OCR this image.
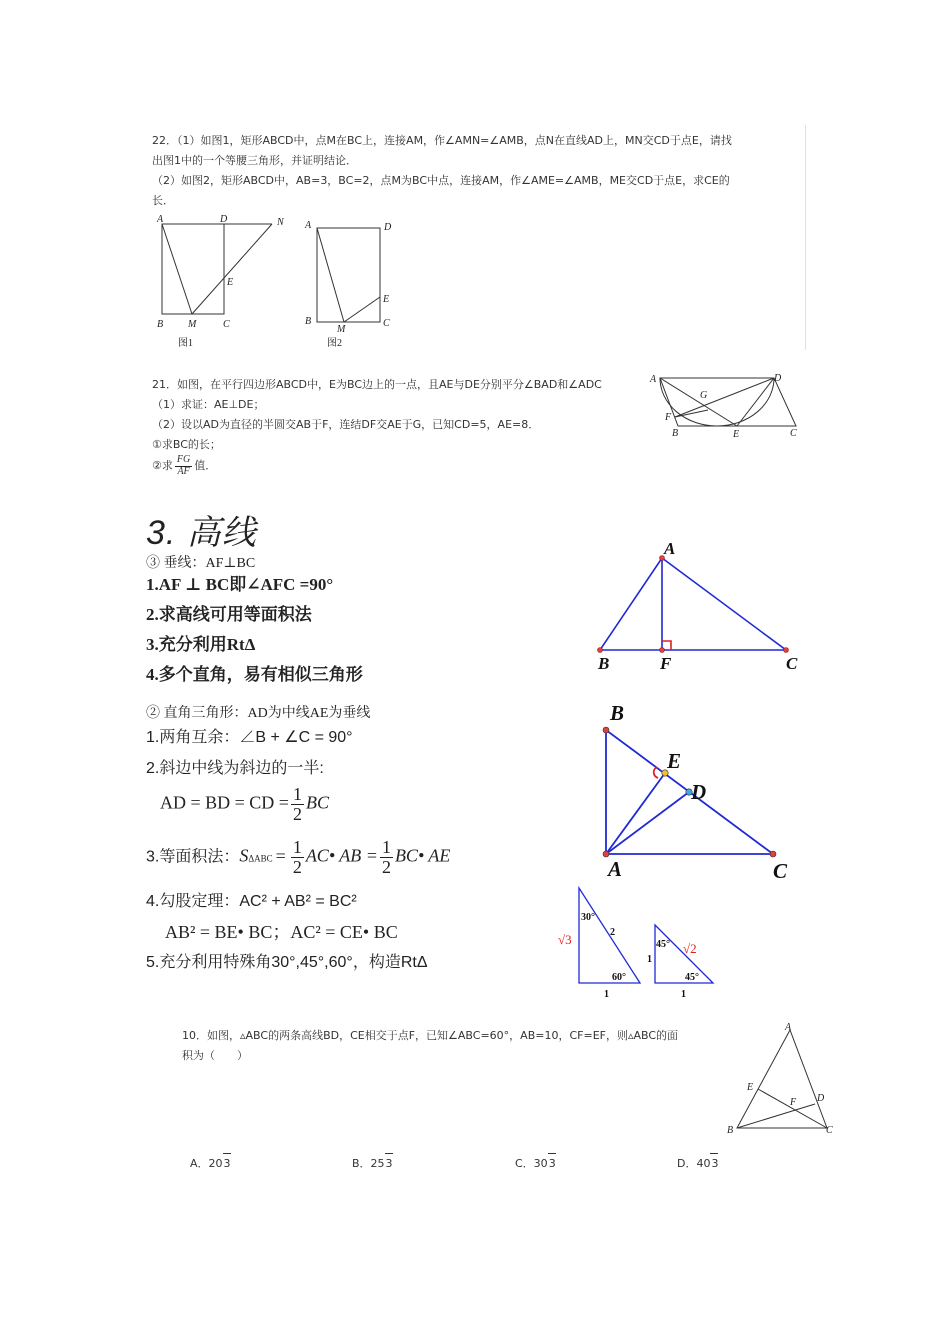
22．（1）如图1，矩形ABCD中，点M在BC上，连接AM，作∠AMN=∠AMB，点N在直线AD上，MN交CD于点E，请找
出图1中的一个等腰三角形，并证明结论．
（2）如图2，矩形ABCD中，AB=3，BC=2，点M为BC中点，连接AM，作∠AME=∠AMB，ME交CD于点E，求CE的
长．
A	D	N
E
B M	C
A	D
E
B
M
C
图1	图2
21．如图，在平行四边形ABCD中，E为BC边上的一点，且AE与DE分别平分∠BAD和∠ADC
（1）求证：AE⊥DE；
（2）设以AD为直径的半圆交AB于F，连结DF交AE于G，已知CD=5，AE=8．
①求BC的长；
②求 $\frac{FG}{AF}$ 值．
A	D
G
F
B	E	C
3. 高线
③ 垂线：AF⊥BC
1.AF ⊥ BC即∠AFC =90°
2.求高线可用等面积法
3.充分利用RtΔ
4.多个直角，易有相似三角形
A
B	F	C
② 直角三角形：AD为中线AE为垂线
1.两角互余：∠B + ∠C = 90°
2.斜边中线为斜边的一半:
AD = BD = CD = $\frac{1}{2}$ BC
3.等面积法：$S\Delta ABC = \frac{1}{2}$ AC• AB = $\frac{1}{2}$ BC• AE
4.勾股定理：AC² + AB² = BC²
AB² = BE• BC；AC² = CE• BC
5.充分利用特殊角30°,45°,60°，构造RtΔ
B
E
D
A	C
30°
2
60°
1
45°
1
45°
1
√3
√2
10．如图，▵ABC的两条高线BD，CE相交于点F，已知∠ABC=60°，AB=10，CF=EF，则▵ABC的面
积为（　　）
A
E
F D
B	C
A．203	B．253	C．303	D．403
